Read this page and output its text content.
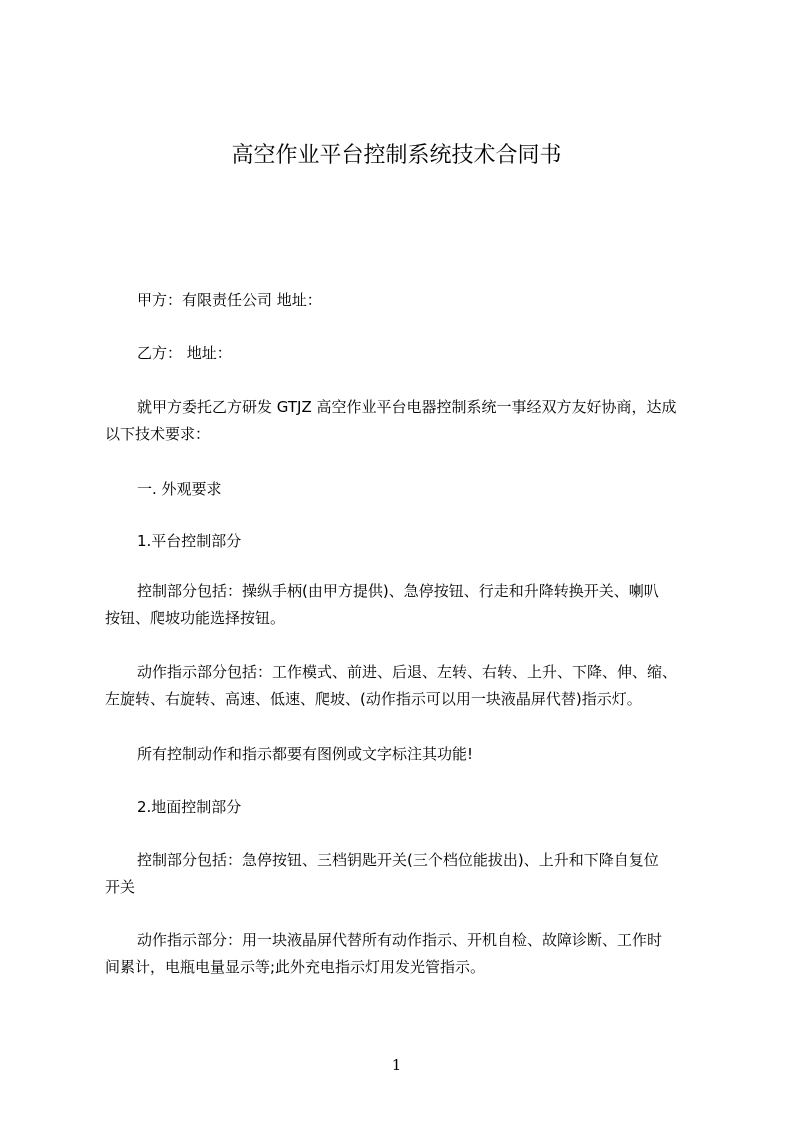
高空作业平台控制系统技术合同书
甲方：有限责任公司 地址：
乙方： 地址：
就甲方委托乙方研发 GTJZ 高空作业平台电器控制系统一事经双方友好协商，达成
以下技术要求：
一. 外观要求
1.平台控制部分
控制部分包括：操纵手柄(由甲方提供)、急停按钮、行走和升降转换开关、喇叭
按钮、爬坡功能选择按钮。
动作指示部分包括：工作模式、前进、后退、左转、右转、上升、下降、伸、缩、
左旋转、右旋转、高速、低速、爬坡、(动作指示可以用一块液晶屏代替)指示灯。
所有控制动作和指示都要有图例或文字标注其功能!
2.地面控制部分
控制部分包括：急停按钮、三档钥匙开关(三个档位能拔出)、上升和下降自复位
开关
动作指示部分：用一块液晶屏代替所有动作指示、开机自检、故障诊断、工作时
间累计，电瓶电量显示等;此外充电指示灯用发光管指示。
1
